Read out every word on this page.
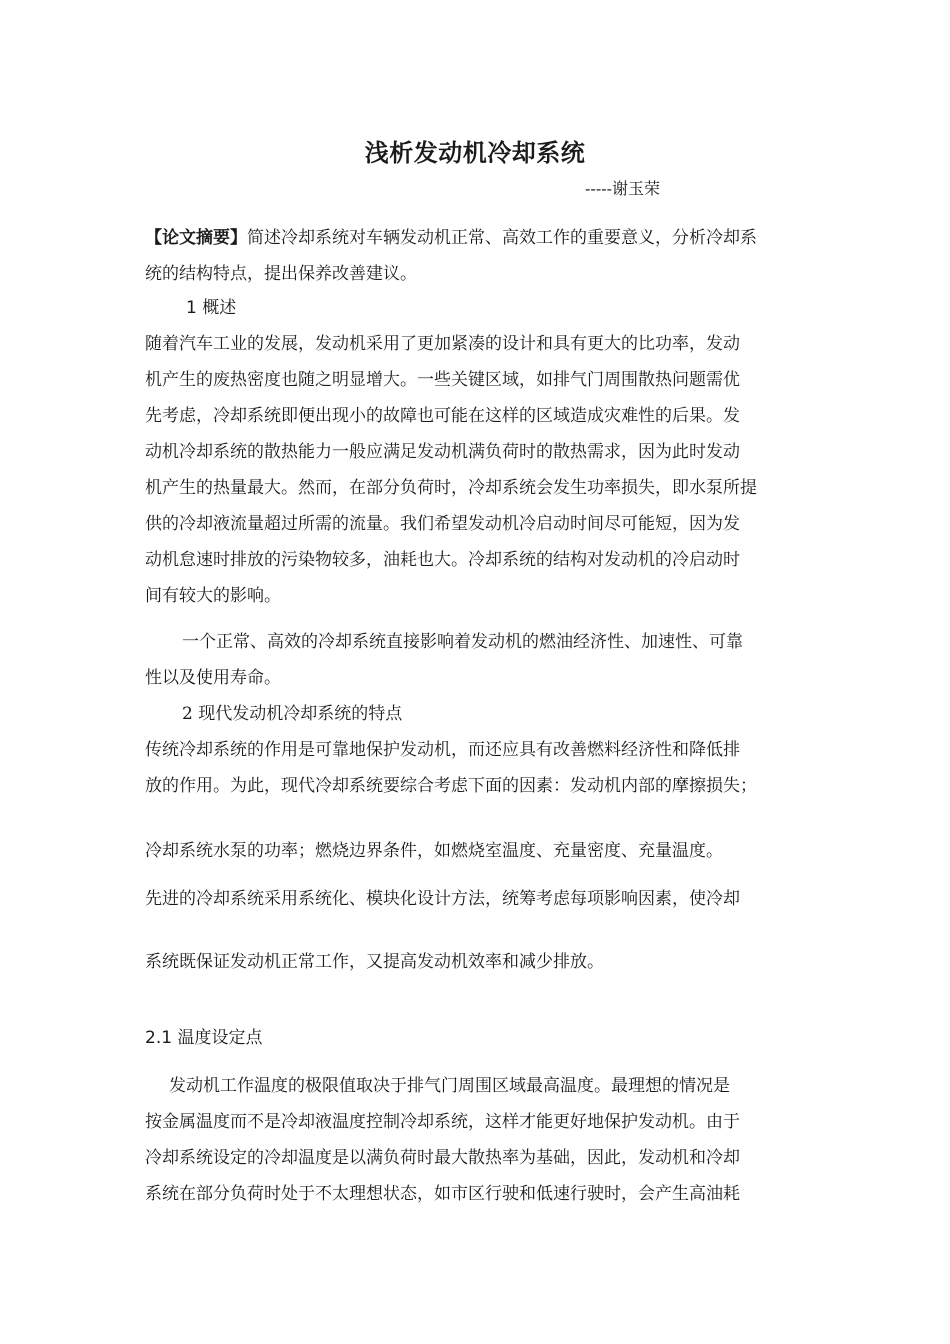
浅析发动机冷却系统
-----谢玉荣
【论文摘要】简述冷却系统对车辆发动机正常、高效工作的重要意义，分析冷却系
统的结构特点，提出保养改善建议。
1 概述
随着汽车工业的发展，发动机采用了更加紧凑的设计和具有更大的比功率，发动
机产生的废热密度也随之明显增大。一些关键区域，如排气门周围散热问题需优
先考虑，冷却系统即便出现小的故障也可能在这样的区域造成灾难性的后果。发
动机冷却系统的散热能力一般应满足发动机满负荷时的散热需求，因为此时发动
机产生的热量最大。然而，在部分负荷时，冷却系统会发生功率损失，即水泵所提
供的冷却液流量超过所需的流量。我们希望发动机冷启动时间尽可能短，因为发
动机怠速时排放的污染物较多，油耗也大。冷却系统的结构对发动机的冷启动时
间有较大的影响。
一个正常、高效的冷却系统直接影响着发动机的燃油经济性、加速性、可靠
性以及使用寿命。
2 现代发动机冷却系统的特点
传统冷却系统的作用是可靠地保护发动机，而还应具有改善燃料经济性和降低排
放的作用。为此，现代冷却系统要综合考虑下面的因素：发动机内部的摩擦损失；
冷却系统水泵的功率；燃烧边界条件，如燃烧室温度、充量密度、充量温度。
先进的冷却系统采用系统化、模块化设计方法，统筹考虑每项影响因素，使冷却
系统既保证发动机正常工作，又提高发动机效率和减少排放。
2.1 温度设定点
发动机工作温度的极限值取决于排气门周围区域最高温度。最理想的情况是
按金属温度而不是冷却液温度控制冷却系统，这样才能更好地保护发动机。由于
冷却系统设定的冷却温度是以满负荷时最大散热率为基础，因此，发动机和冷却
系统在部分负荷时处于不太理想状态，如市区行驶和低速行驶时，会产生高油耗
